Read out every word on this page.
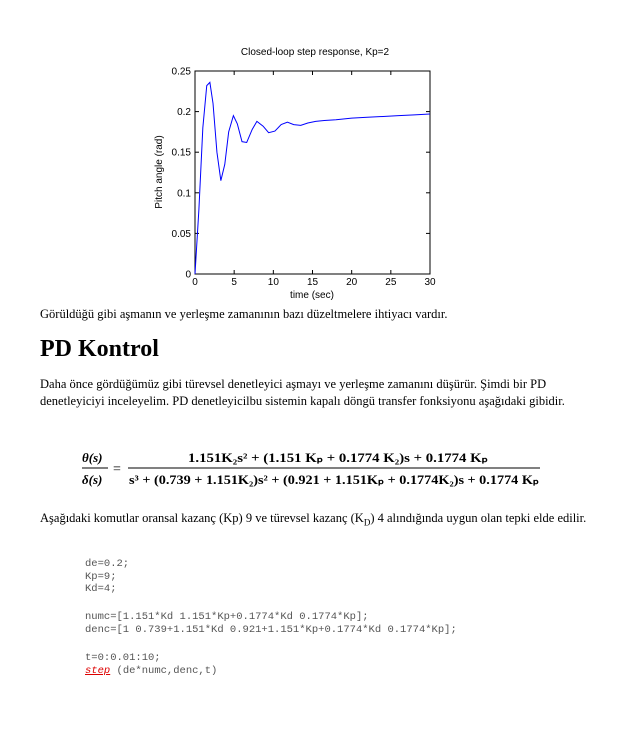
Closed-loop step response, Kp=2
0	5	10	15	20	25	30
0
0.05
0.1
0.15
0.2
0.25
time (sec)
Pitch angle (rad)

Görüldüğü gibi aşmanın ve yerleşme zamanının bazı düzeltmelere ihtiyacı vardır.

PD Kontrol

Daha önce gördüğümüz gibi türevsel denetleyici aşmayı ve yerleşme zamanını düşürür. Şimdi bir PD denetleyiciyi inceleyelim. PD denetleyicilbu sistemin kapalı döngü transfer fonksiyonu aşağıdaki gibidir.

θ(s)
δ(s)
=
1.151K₂s² + (1.151 Kₚ + 0.1774 K₂)s + 0.1774 Kₚ
s³ + (0.739 + 1.151K₂)s² + (0.921 + 1.151Kₚ + 0.1774K₂)s + 0.1774 Kₚ

Aşağıdaki komutlar oransal kazanç (Kp) 9 ve türevsel kazanç $(K_D)$ 4 alındığında uygun olan tepki elde edilir.

de=0.2;
Kp=9;
Kd=4;
numc=[1.151*Kd 1.151*Kp+0.1774*Kd 0.1774*Kp];
denc=[1 0.739+1.151*Kd 0.921+1.151*Kp+0.1774*Kd 0.1774*Kp];
t=0:0.01:10;
step (de*numc,denc,t)
